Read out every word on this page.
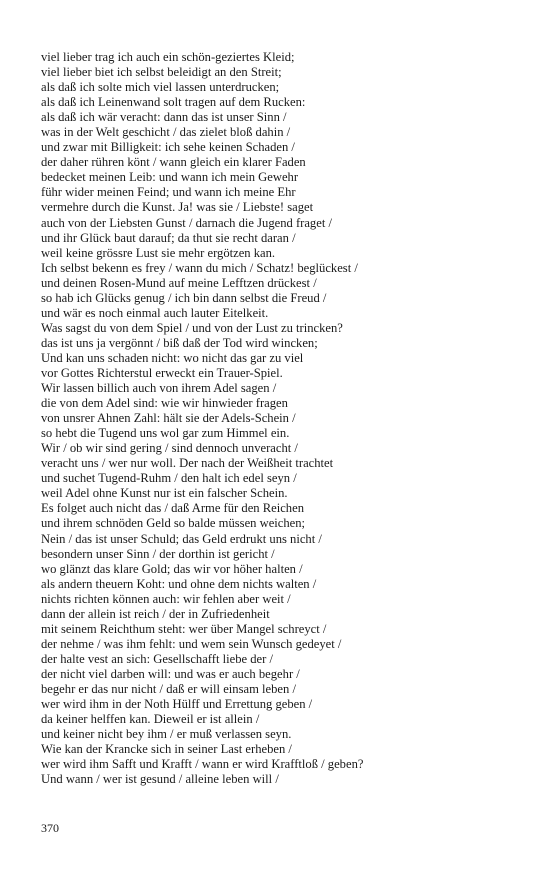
viel lieber trag ich auch ein schön-geziertes Kleid;
viel lieber biet ich selbst beleidigt an den Streit;
als daß ich solte mich viel lassen unterdrucken;
als daß ich Leinenwand solt tragen auf dem Rucken:
als daß ich wär veracht: dann das ist unser Sinn /
was in der Welt geschicht / das zielet bloß dahin /
und zwar mit Billigkeit: ich sehe keinen Schaden /
der daher rühren könt / wann gleich ein klarer Faden
bedecket meinen Leib: und wann ich mein Gewehr
führ wider meinen Feind; und wann ich meine Ehr
vermehre durch die Kunst. Ja! was sie / Liebste! saget
auch von der Liebsten Gunst / darnach die Jugend fraget /
und ihr Glück baut darauf; da thut sie recht daran /
weil keine grössre Lust sie mehr ergötzen kan.
Ich selbst bekenn es frey / wann du mich / Schatz! beglückest /
und deinen Rosen-Mund auf meine Lefftzen drückest /
so hab ich Glücks genug / ich bin dann selbst die Freud /
und wär es noch einmal auch lauter Eitelkeit.
Was sagst du von dem Spiel / und von der Lust zu trincken?
das ist uns ja vergönnt / biß daß der Tod wird wincken;
Und kan uns schaden nicht: wo nicht das gar zu viel
vor Gottes Richterstul erweckt ein Trauer-Spiel.
Wir lassen billich auch von ihrem Adel sagen /
die von dem Adel sind: wie wir hinwieder fragen
von unsrer Ahnen Zahl: hält sie der Adels-Schein /
so hebt die Tugend uns wol gar zum Himmel ein.
Wir / ob wir sind gering / sind dennoch unveracht /
veracht uns / wer nur woll. Der nach der Weißheit trachtet
und suchet Tugend-Ruhm / den halt ich edel seyn /
weil Adel ohne Kunst nur ist ein falscher Schein.
Es folget auch nicht das / daß Arme für den Reichen
und ihrem schnöden Geld so balde müssen weichen;
Nein / das ist unser Schuld; das Geld erdrukt uns nicht /
besondern unser Sinn / der dorthin ist gericht /
wo glänzt das klare Gold; das wir vor höher halten /
als andern theuern Koht: und ohne dem nichts walten /
nichts richten können auch: wir fehlen aber weit /
dann der allein ist reich / der in Zufriedenheit
mit seinem Reichthum steht: wer über Mangel schreyct /
der nehme / was ihm fehlt: und wem sein Wunsch gedeyet /
der halte vest an sich: Gesellschafft liebe der /
der nicht viel darben will: und was er auch begehr /
begehr er das nur nicht / daß er will einsam leben /
wer wird ihm in der Noth Hülff und Errettung geben /
da keiner helffen kan. Dieweil er ist allein /
und keiner nicht bey ihm / er muß verlassen seyn.
Wie kan der Krancke sich in seiner Last erheben /
wer wird ihm Safft und Krafft / wann er wird Krafftloß / geben?
Und wann / wer ist gesund / alleine leben will /
370
